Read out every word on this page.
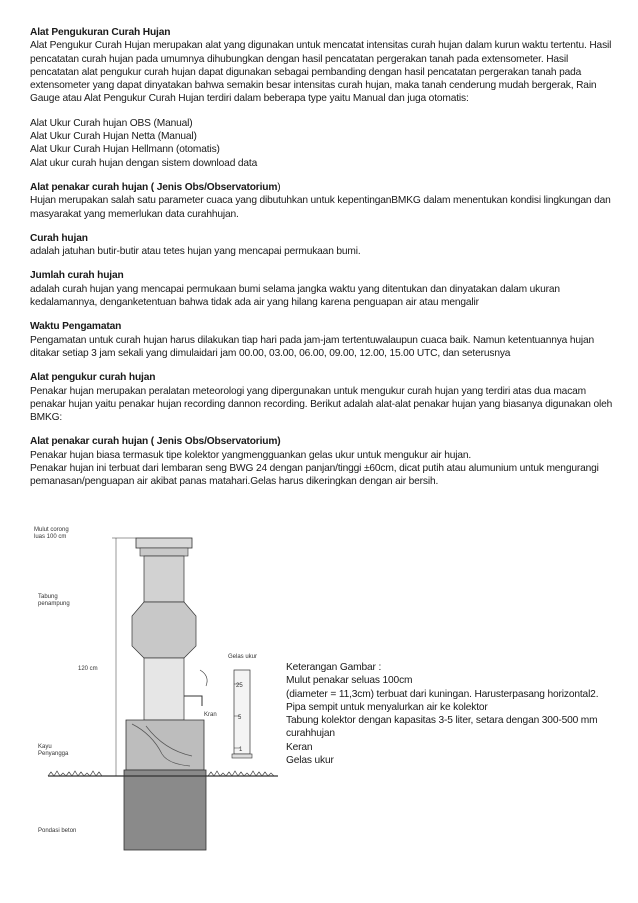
Alat Pengukuran Curah Hujan

Alat Pengukur Curah Hujan merupakan alat yang digunakan untuk mencatat intensitas curah hujan dalam kurun waktu tertentu. Hasil pencatatan curah hujan pada umumnya dihubungkan dengan hasil pencatatan pergerakan tanah pada extensometer. Hasil pencatatan alat pengukur curah hujan dapat digunakan sebagai pembanding dengan hasil pencatatan pergerakan tanah pada extensometer yang dapat dinyatakan bahwa semakin besar intensitas curah hujan, maka tanah cenderung mudah bergerak, Rain Gauge atau Alat Pengukur Curah Hujan terdiri dalam beberapa type yaitu Manual dan juga otomatis:

Alat Ukur Curah hujan OBS (Manual)

Alat Ukur Curah Hujan Netta (Manual)

Alat Ukur Curah Hujan Hellmann (otomatis)

Alat ukur curah hujan dengan sistem download data

Alat penakar curah hujan ( Jenis Obs/Observatorium)

Hujan merupakan salah satu parameter cuaca yang dibutuhkan untuk kepentinganBMKG dalam menentukan kondisi lingkungan dan masyarakat yang memerlukan data curahhujan.

Curah hujan

adalah jatuhan butir-butir atau tetes hujan yang mencapai permukaan bumi.

Jumlah curah hujan

adalah curah hujan yang mencapai permukaan bumi selama jangka waktu yang ditentukan dan dinyatakan dalam ukuran kedalamannya, denganketentuan bahwa tidak ada air yang hilang karena penguapan air atau mengalir

Waktu Pengamatan

Pengamatan untuk curah hujan harus dilakukan tiap hari pada jam-jam tertentuwalaupun cuaca baik. Namun ketentuannya hujan ditakar setiap 3 jam sekali yang dimulaidari jam 00.00, 03.00, 06.00, 09.00, 12.00, 15.00 UTC, dan seterusnya

Alat pengukur curah hujan

Penakar hujan merupakan peralatan meteorologi yang dipergunakan untuk mengukur curah hujan yang terdiri atas dua macam penakar hujan yaitu penakar hujan recording dannon recording. Berikut adalah alat-alat penakar hujan yang biasanya digunakan oleh BMKG:

Alat penakar curah hujan ( Jenis Obs/Observatorium)

Penakar hujan biasa termasuk tipe kolektor yangmengguankan gelas ukur untuk mengukur air hujan.

Penakar hujan ini terbuat dari lembaran seng BWG 24 dengan panjan/tinggi ±60cm, dicat putih atau alumunium untuk mengurangi pemanasan/penguapan air akibat panas matahari.Gelas harus dikeringkan dengan air bersih.

Mulut corong
luas 100 cm
Tabung
penampung
120 cm
Gelas ukur
Kran
Kayu
Penyangga
Pondasi beton
25
5
1

Keterangan Gambar :

Mulut penakar seluas 100cm

(diameter = 11,3cm) terbuat dari kuningan. Harusterpasang horizontal2.

Pipa sempit untuk menyalurkan air ke kolektor

Tabung kolektor dengan kapasitas 3-5 liter, setara dengan 300-500 mm

curahhujan

Keran

Gelas ukur
